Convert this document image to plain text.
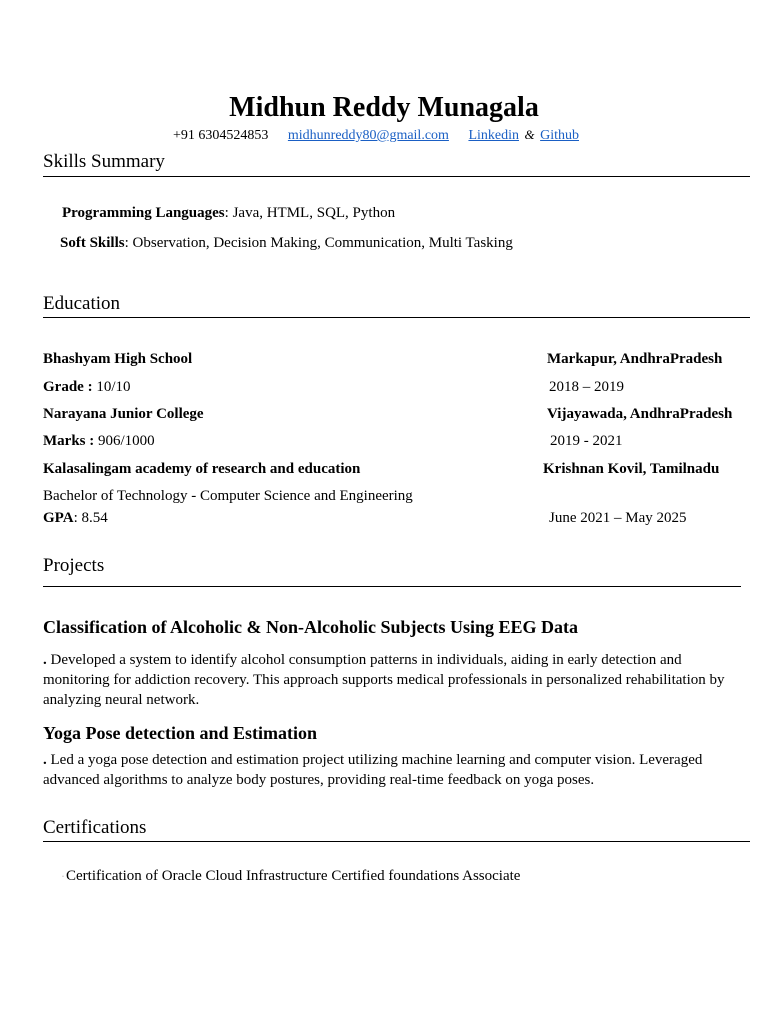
Midhun Reddy Munagala
+91 6304524853 midhunreddy80@gmail.com Linkedin & Github
Skills Summary
Programming Languages: Java, HTML, SQL, Python
Soft Skills: Observation, Decision Making, Communication, Multi Tasking
Education
Bhashyam High School	Markapur, AndhraPradesh
Grade : 10/10	2018 – 2019
Narayana Junior College	Vijayawada, AndhraPradesh
Marks : 906/1000	2019 - 2021
Kalasalingam academy of research and education	Krishnan Kovil, Tamilnadu
Bachelor of Technology - Computer Science and Engineering
GPA: 8.54	June 2021 – May 2025
Projects
Classification of Alcoholic & Non-Alcoholic Subjects Using EEG Data
. Developed a system to identify alcohol consumption patterns in individuals, aiding in early detection and monitoring for addiction recovery. This approach supports medical professionals in personalized rehabilitation by analyzing neural network.
Yoga Pose detection and Estimation
. Led a yoga pose detection and estimation project utilizing machine learning and computer vision. Leveraged advanced algorithms to analyze body postures, providing real-time feedback on yoga poses.
Certifications
· Certification of Oracle Cloud Infrastructure Certified foundations Associate
